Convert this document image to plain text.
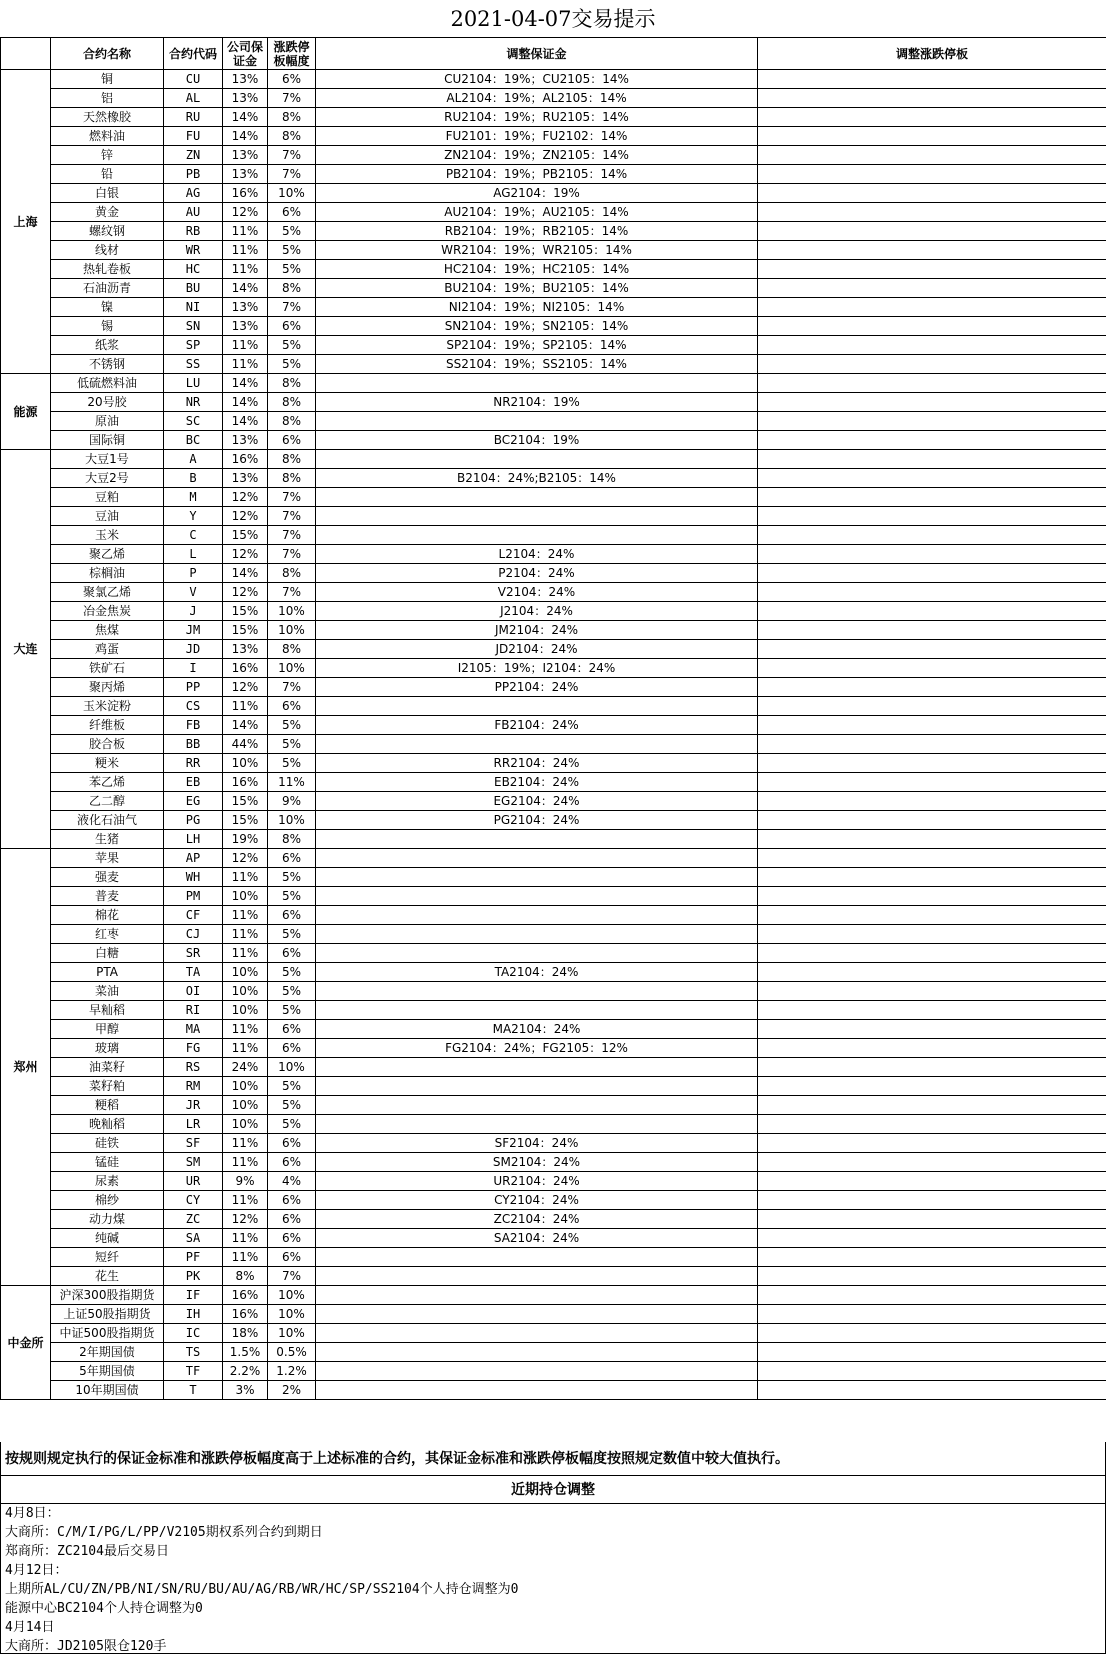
2021-04-07交易提示
	合约名称	合约代码	公司保证金	涨跌停板幅度	调整保证金	调整涨跌停板
上海	铜	CU	13%	6%	CU2104：19%；CU2105：14%	
	铝	AL	13%	7%	AL2104：19%；AL2105：14%	
	天然橡胶	RU	14%	8%	RU2104：19%；RU2105：14%	
	燃料油	FU	14%	8%	FU2101：19%；FU2102：14%	
	锌	ZN	13%	7%	ZN2104：19%；ZN2105：14%	
	铅	PB	13%	7%	PB2104：19%；PB2105：14%	
	白银	AG	16%	10%	AG2104：19%	
	黄金	AU	12%	6%	AU2104：19%；AU2105：14%	
	螺纹钢	RB	11%	5%	RB2104：19%；RB2105：14%	
	线材	WR	11%	5%	WR2104：19%；WR2105：14%	
	热轧卷板	HC	11%	5%	HC2104：19%；HC2105：14%	
	石油沥青	BU	14%	8%	BU2104：19%；BU2105：14%	
	镍	NI	13%	7%	NI2104：19%；NI2105：14%	
	锡	SN	13%	6%	SN2104：19%；SN2105：14%	
	纸浆	SP	11%	5%	SP2104：19%；SP2105：14%	
	不锈钢	SS	11%	5%	SS2104：19%；SS2105：14%	
能源	低硫燃料油	LU	14%	8%		
	20号胶	NR	14%	8%	NR2104：19%	
	原油	SC	14%	8%		
	国际铜	BC	13%	6%	BC2104：19%	
大连	大豆1号	A	16%	8%		
	大豆2号	B	13%	8%	B2104：24%;B2105：14%	
	豆粕	M	12%	7%		
	豆油	Y	12%	7%		
	玉米	C	15%	7%		
	聚乙烯	L	12%	7%	L2104：24%	
	棕榈油	P	14%	8%	P2104：24%	
	聚氯乙烯	V	12%	7%	V2104：24%	
	冶金焦炭	J	15%	10%	J2104：24%	
	焦煤	JM	15%	10%	JM2104：24%	
	鸡蛋	JD	13%	8%	JD2104：24%	
	铁矿石	I	16%	10%	I2105：19%；I2104：24%	
	聚丙烯	PP	12%	7%	PP2104：24%	
	玉米淀粉	CS	11%	6%		
	纤维板	FB	14%	5%	FB2104：24%	
	胶合板	BB	44%	5%		
	粳米	RR	10%	5%	RR2104：24%	
	苯乙烯	EB	16%	11%	EB2104：24%	
	乙二醇	EG	15%	9%	EG2104：24%	
	液化石油气	PG	15%	10%	PG2104：24%	
	生猪	LH	19%	8%		
郑州	苹果	AP	12%	6%		
	强麦	WH	11%	5%		
	普麦	PM	10%	5%		
	棉花	CF	11%	6%		
	红枣	CJ	11%	5%		
	白糖	SR	11%	6%		
	PTA	TA	10%	5%	TA2104：24%	
	菜油	OI	10%	5%		
	早籼稻	RI	10%	5%		
	甲醇	MA	11%	6%	MA2104：24%	
	玻璃	FG	11%	6%	FG2104：24%；FG2105：12%	
	油菜籽	RS	24%	10%		
	菜籽粕	RM	10%	5%		
	粳稻	JR	10%	5%		
	晚籼稻	LR	10%	5%		
	硅铁	SF	11%	6%	SF2104：24%	
	锰硅	SM	11%	6%	SM2104：24%	
	尿素	UR	9%	4%	UR2104：24%	
	棉纱	CY	11%	6%	CY2104：24%	
	动力煤	ZC	12%	6%	ZC2104：24%	
	纯碱	SA	11%	6%	SA2104：24%	
	短纤	PF	11%	6%		
	花生	PK	8%	7%		
中金所	沪深300股指期货	IF	16%	10%		
	上证50股指期货	IH	16%	10%		
	中证500股指期货	IC	18%	10%		
	2年期国债	TS	1.5%	0.5%		
	5年期国债	TF	2.2%	1.2%		
	10年期国债	T	3%	2%		
按规则规定执行的保证金标准和涨跌停板幅度高于上述标准的合约，其保证金标准和涨跌停板幅度按照规定数值中较大值执行。
近期持仓调整
4月8日：
大商所：C/M/I/PG/L/PP/V2105期权系列合约到期日
郑商所：ZC2104最后交易日
4月12日：
上期所AL/CU/ZN/PB/NI/SN/RU/BU/AU/AG/RB/WR/HC/SP/SS2104个人持仓调整为0
能源中心BC2104个人持仓调整为0
4月14日
大商所：JD2105限仓120手
